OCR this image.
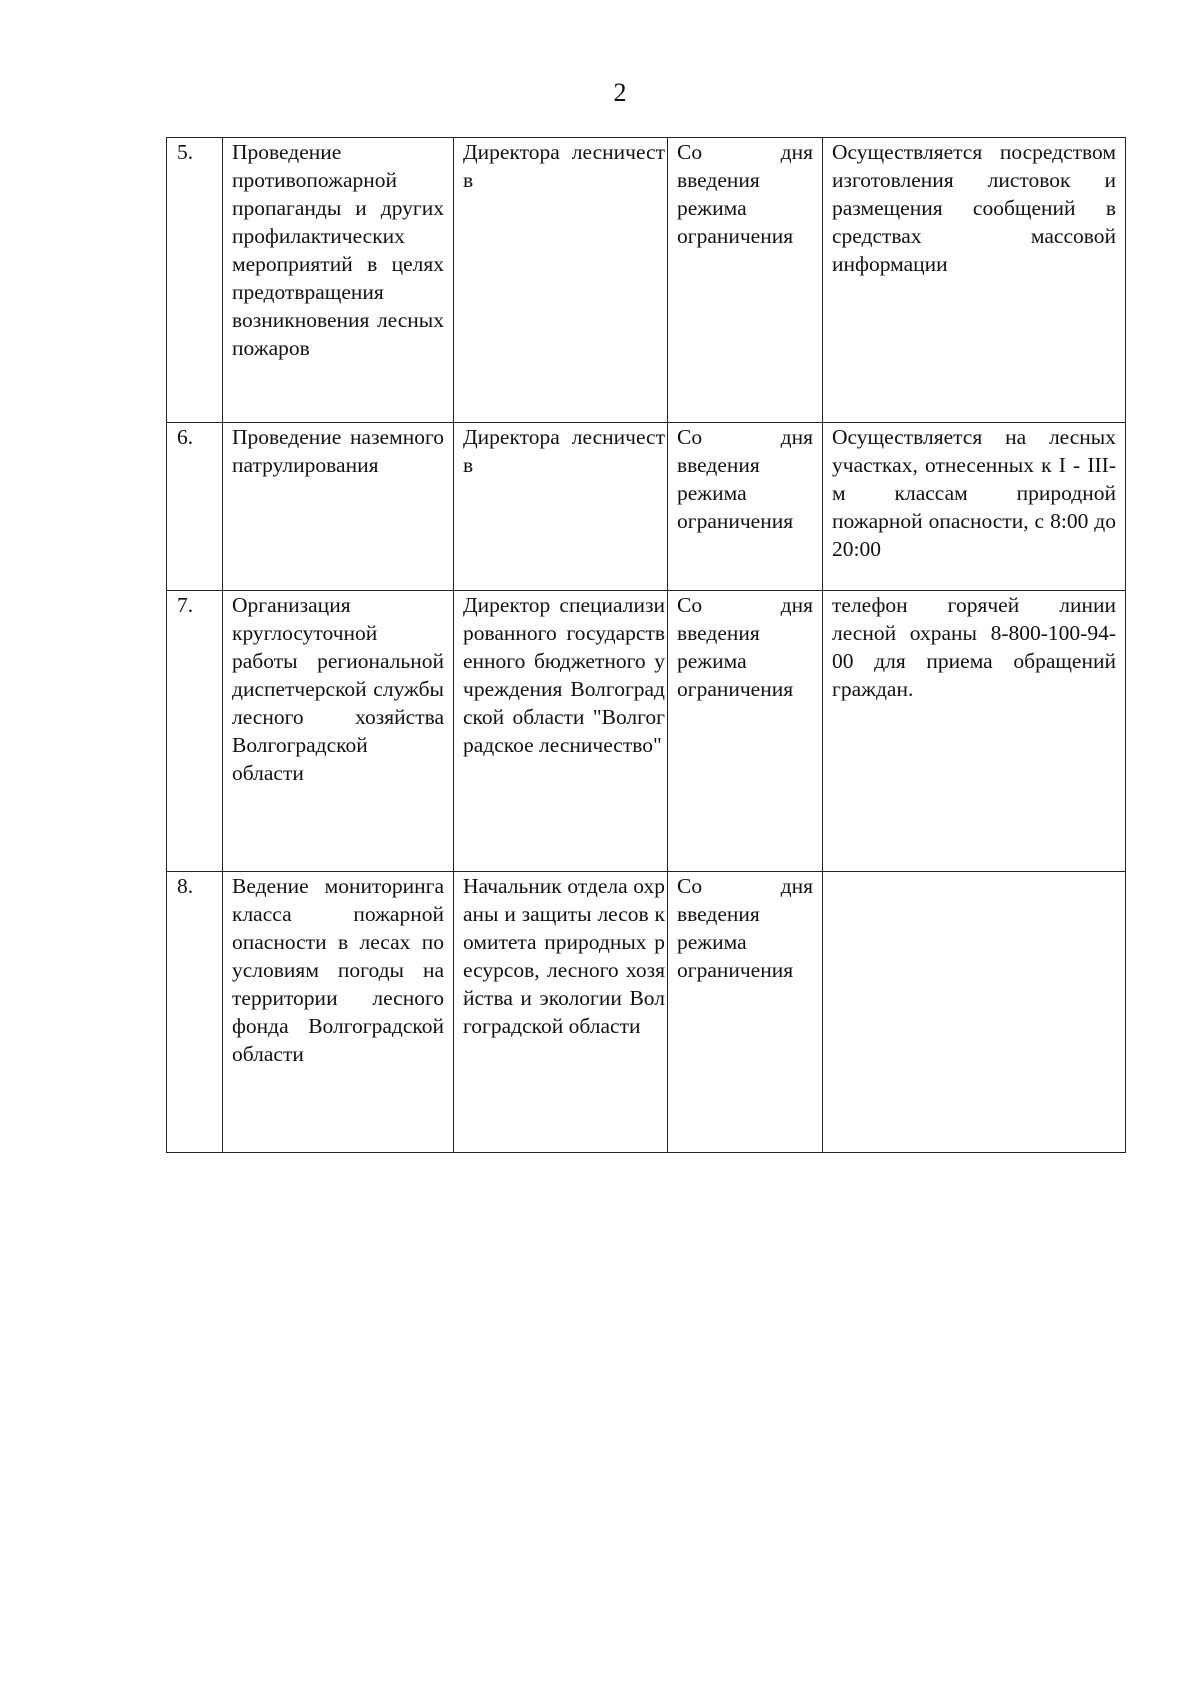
2
5.	Проведение противопожарной пропаганды и других профилактических мероприятий в целях предотвращения возникновения лесных пожаров	Директора лесничеств	Со дня введения режима ограничения	Осуществляется посредством изготовления листовок и размещения сообщений в средствах массовой информации
6.	Проведение наземного патрулирования	Директора лесничеств	Со дня введения режима ограничения	Осуществляется на лесных участках, отнесенных к I - III-м классам природной пожарной опасности, с 8:00 до 20:00
7.	Организация круглосуточной работы региональной диспетчерской службы лесного хозяйства Волгоградской области	Директор специализированного государственного бюджетного учреждения Волгоградской области "Волгоградское лесничество"	Со дня введения режима ограничения	телефон горячей линии лесной охраны 8-800-100-94-00 для приема обращений граждан.
8.	Ведение мониторинга класса пожарной опасности в лесах по условиям погоды на территории лесного фонда Волгоградской области	Начальник отдела охраны и защиты лесов комитета природных ресурсов, лесного хозяйства и экологии Волгоградской области	Со дня введения режима ограничения	
